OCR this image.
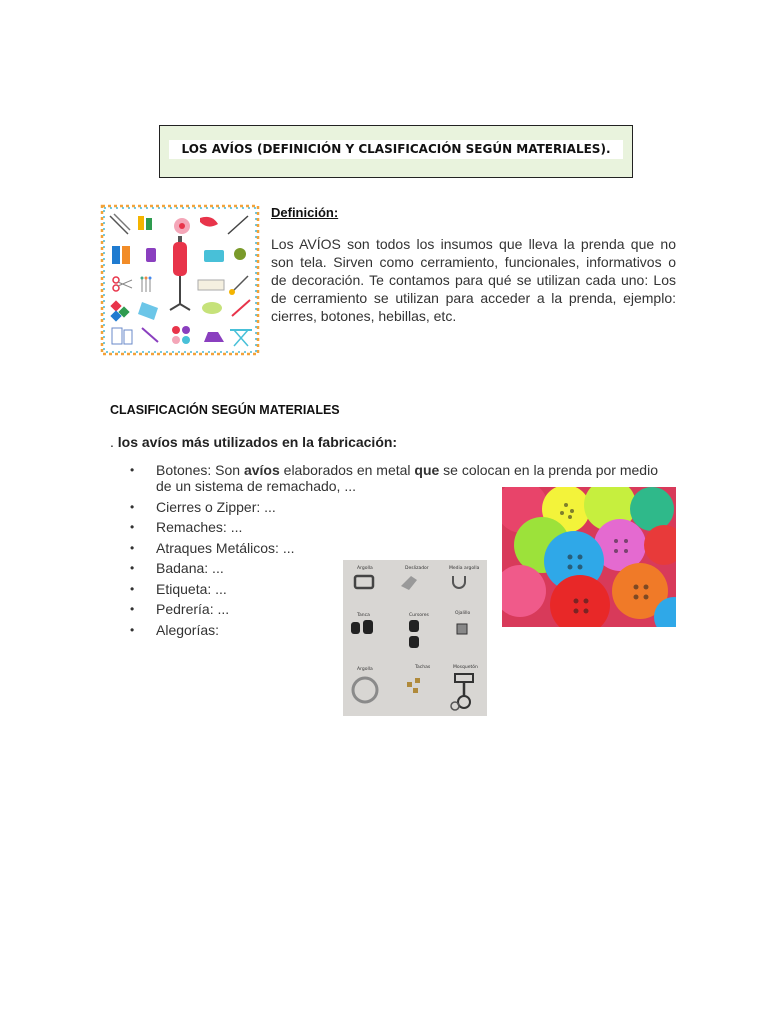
LOS AVÍOS (DEFINICIÓN Y CLASIFICACIÓN SEGÚN MATERIALES).
Definición:

Los AVÍOS son todos los insumos que lleva la prenda que no son tela. Sirven como cerramiento, funcionales, informativos o de decoración. Te contamos para qué se utilizan cada uno: Los de cerramiento se utilizan para acceder a la prenda, ejemplo: cierres, botones, hebillas, etc.

CLASIFICACIÓN SEGÚN MATERIALES
. los avíos más utilizados en la fabricación:
• Botones: Son avíos elaborados en metal que se colocan en la prenda por medio de un sistema de remachado, ...
• Cierres o Zipper: ...
• Remaches: ...
• Atraques Metálicos: ...
• Badana: ...
• Etiqueta: ...
• Pedrería: ...
• Alegorías:
Argolla	Deslizador	Media argolla
Tanca	Cursores	Ojalillo
Argolla	Tachas	Mosquetón
